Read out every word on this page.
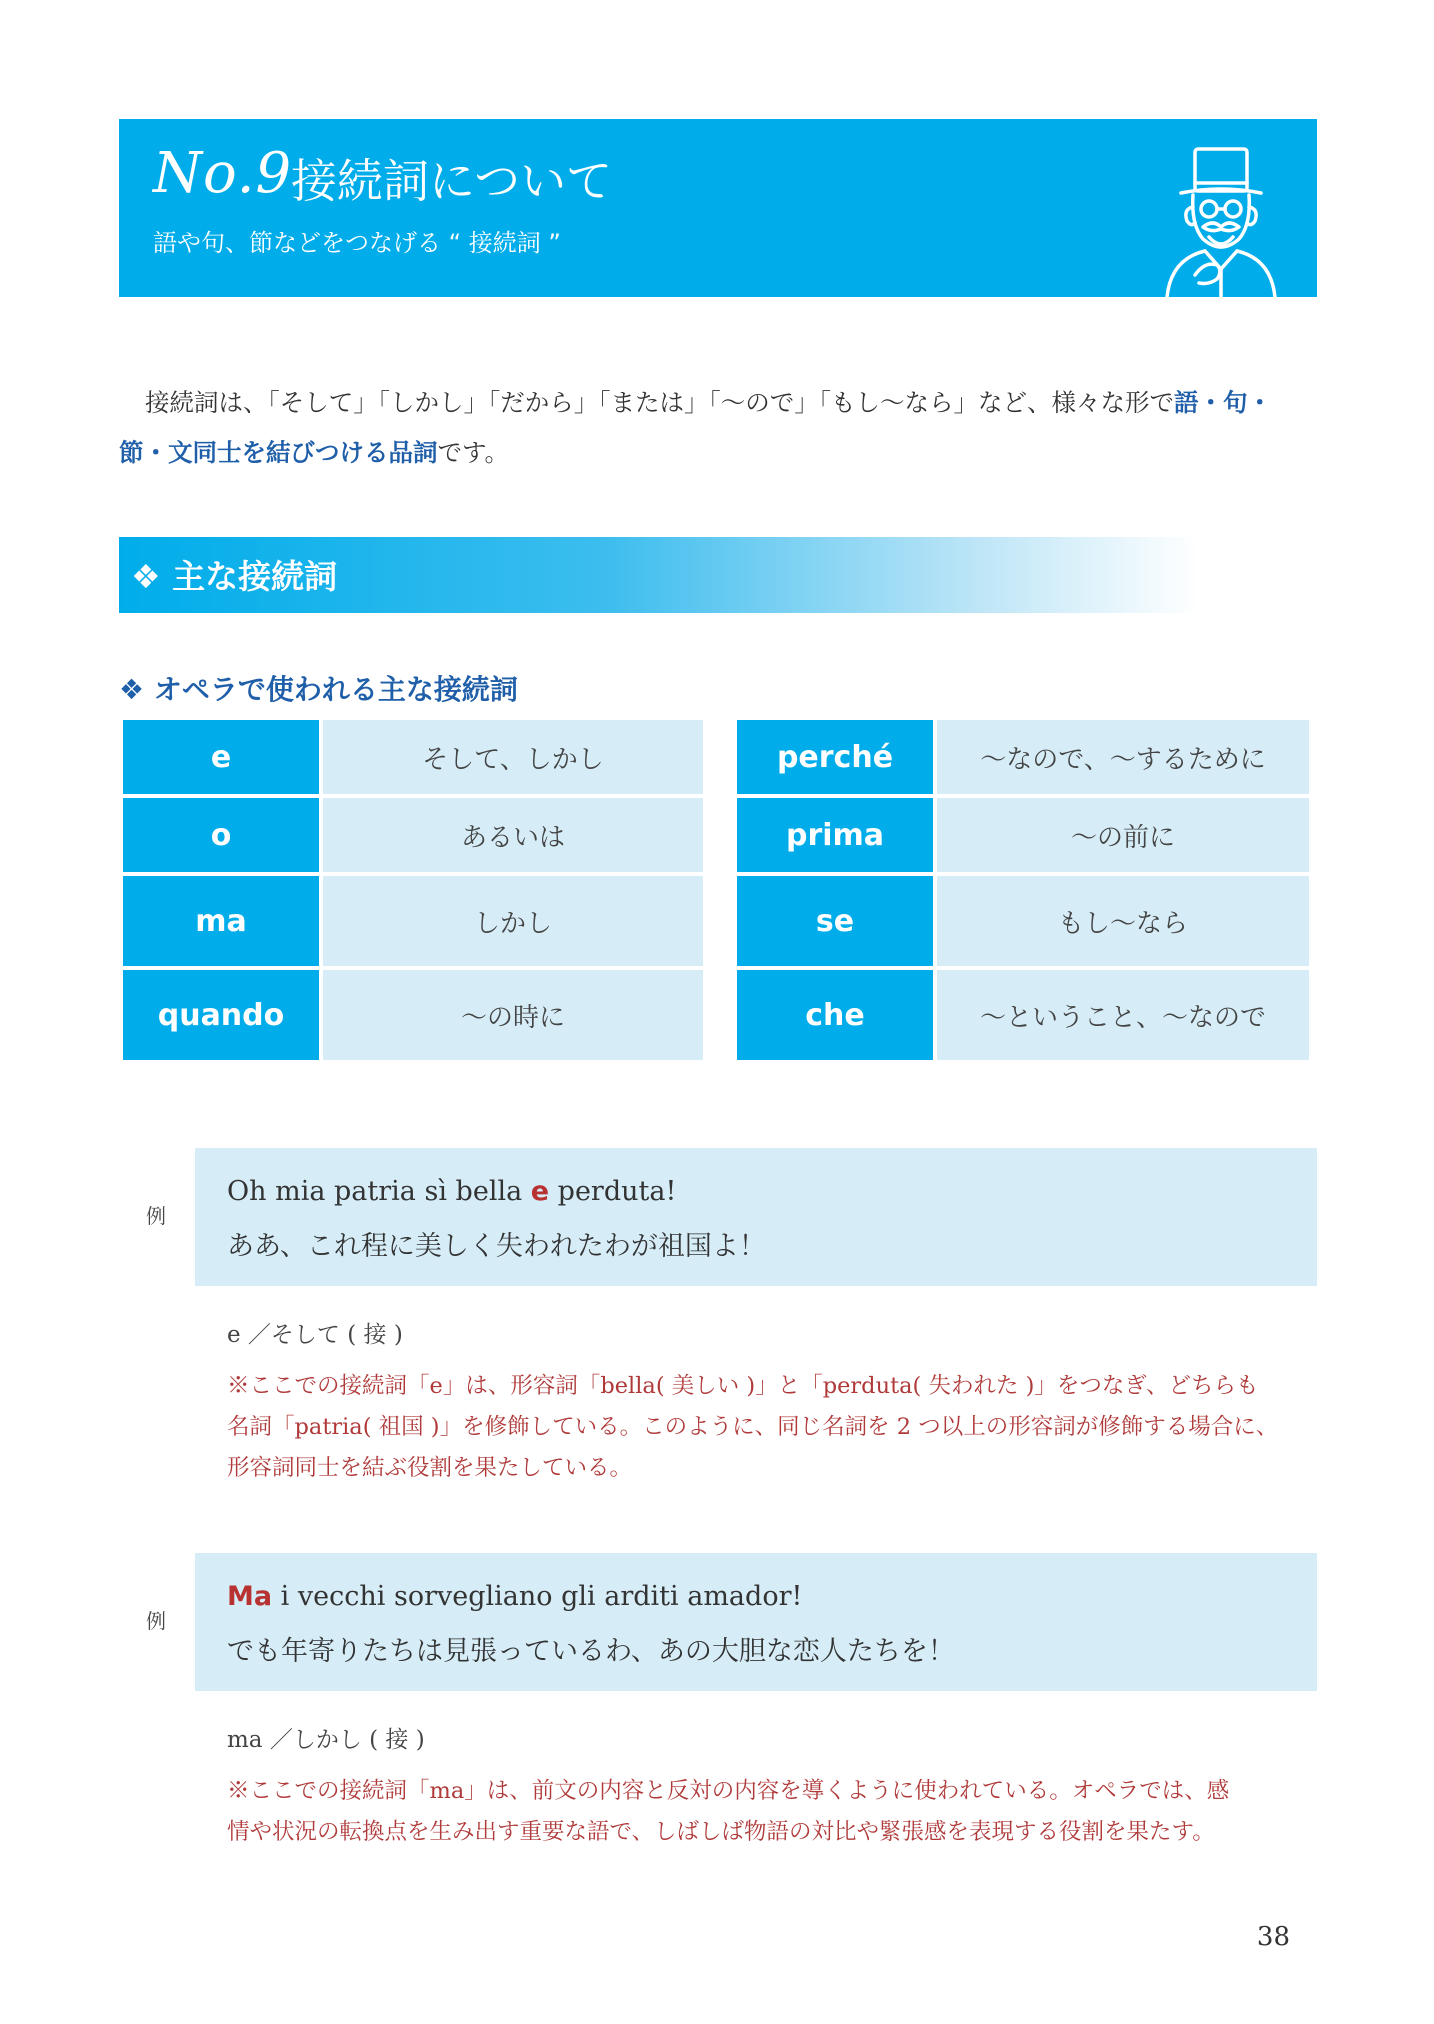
No.9
接続詞について
語や句、節などをつなげる “ 接続詞 ”
接続詞は、「そして」「しかし」「だから」「または」「〜ので」「もし〜なら」など、様々な形で語・句・節・文同士を結びつける品詞です。
❖ 主な接続詞
❖ オペラで使われる主な接続詞
e	そして、しかし
o	あるいは
ma	しかし
quando	〜の時に
perché	〜なので、〜するために
prima	〜の前に
se	もし〜なら
che	〜ということ、〜なので
例
Oh mia patria sì bella e perduta!
ああ、これ程に美しく失われたわが祖国よ！
e ／そして ( 接 )
※ここでの接続詞「e」は、形容詞「bella( 美しい )」と「perduta( 失われた )」をつなぎ、どちらも
名詞「patria( 祖国 )」を修飾している。このように、同じ名詞を 2 つ以上の形容詞が修飾する場合に、
形容詞同士を結ぶ役割を果たしている。
例
Ma i vecchi sorvegliano gli arditi amador!
でも年寄りたちは見張っているわ、あの大胆な恋人たちを！
ma ／しかし ( 接 )
※ここでの接続詞「ma」は、前文の内容と反対の内容を導くように使われている。オペラでは、感
情や状況の転換点を生み出す重要な語で、しばしば物語の対比や緊張感を表現する役割を果たす。
38
